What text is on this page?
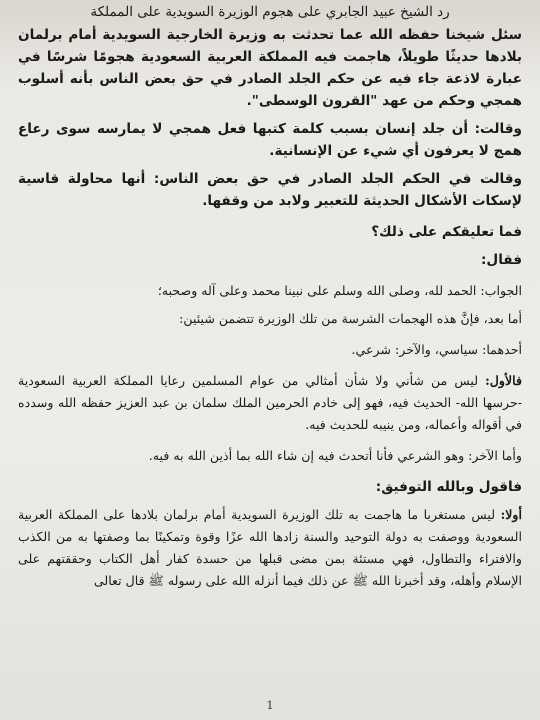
رد الشيخ عبيد الجابري على هجوم الوزيرة السويدية على المملكة

سئل شيخنا حفظه الله عما تحدثت به وزيرة الخارجية السويدية أمام برلمان بلادها حديثًا طويلاً، هاجمت فيه المملكة العربية السعودية هجومًا شرسًا في عبارة لاذعة جاء فيه عن حكم الجلد الصادر في حق بعض الناس بأنه أسلوب همجي وحكم من عهد "القرون الوسطى".

وقالت: أن جلد إنسان بسبب كلمة كتبها فعل همجي لا يمارسه سوى رعاع همج لا يعرفون أي شيء عن الإنسانية.

وقالت في الحكم الجلد الصادر في حق بعض الناس: أنها محاولة قاسية لإسكات الأشكال الحديثة للتعبير ولابد من وقفها.

فما تعليقكم على ذلك؟

فقال:

الجواب: الحمد لله، وصلى الله وسلم على نبينا محمد وعلى آله وصحبه؛

أما بعد، فإنَّ هذه الهجمات الشرسة من تلك الوزيرة تتضمن شيئين:

أحدهما: سياسي، والآخر: شرعي.

فالأول: ليس من شأني ولا شأن أمثالي من عوام المسلمين رعايا المملكة العربية السعودية -حرسها الله- الحديث فيه، فهو إلى خادم الحرمين الملك سلمان بن عبد العزيز حفظه الله وسدده في أقواله وأعماله، ومن ينيبه للحديث فيه.

وأما الآخر: وهو الشرعي فأنا أتحدث فيه إن شاء الله بما أذين الله به فيه.

فاقول وبالله التوفيق:

أولا: ليس مستغربا ما هاجمت به تلك الوزيرة السويدية أمام برلمان بلادها على المملكة العربية السعودية ووصفت به دولة التوحيد والسنة زادها الله عزًا وقوة وتمكينًا بما وصفتها به من الكذب والافتراء والتطاول، فهي مستئة بمن مضى قبلها من حسدة كفار أهل الكتاب وحققتهم على الإسلام وأهله، وقد أخبرنا الله ﷺ عن ذلك فيما أنزله الله على رسوله ﷺ قال تعالى

1
